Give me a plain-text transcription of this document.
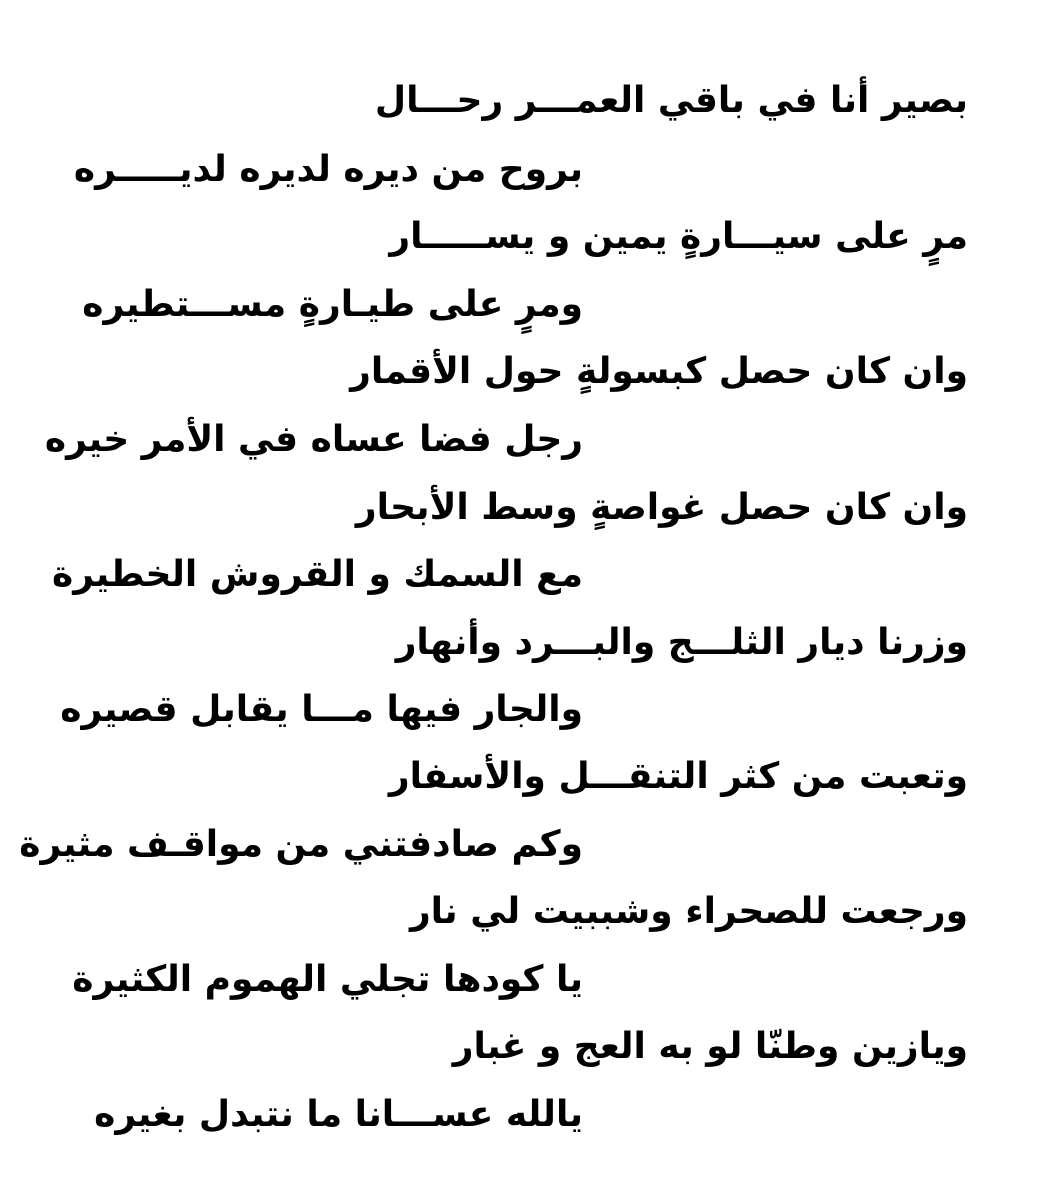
بصير أنا في باقي العمـــر رحـــال
بروح من ديره لديره لديـــــره
مرٍ على سيـــارةٍ يمين و يســـــار
ومرٍ على طيـارةٍ مســـتطيره
وان كان حصل كبسولةٍ حول الأقمار
رجل فضا عساه في الأمر خيره
وان كان حصل غواصةٍ وسط الأبحار
مع السمك و القروش الخطيرة
وزرنا ديار الثلـــج والبـــرد وأنهار
والجار فيها مـــا يقابل قصيره
وتعبت من كثر التنقـــل والأسفار
وكم صادفتني من مواقـف مثيرة
ورجعت للصحراء وشببيت لي نار
يا كودها تجلي الهموم الكثيرة
ويازين وطنّا لو به العج و غبار
يالله عســـانا ما نتبدل بغيره
